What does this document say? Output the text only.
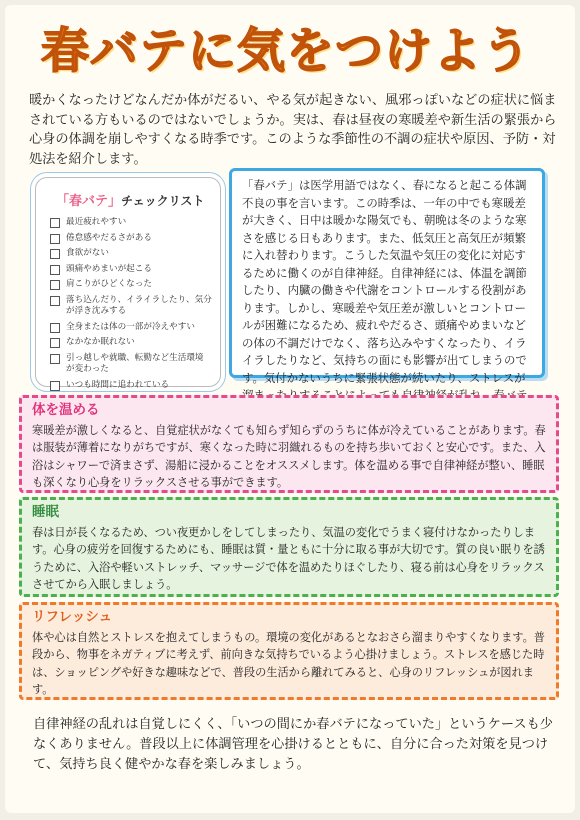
春バテに気をつけよう
暖かくなったけどなんだか体がだるい、やる気が起きない、風邪っぽいなどの症状に悩まされている方もいるのではないでしょうか。実は、春は昼夜の寒暖差や新生活の緊張から心身の体調を崩しやすくなる時季です。このような季節性の不調の症状や原因、予防・対処法を紹介します。
「春バテ」チェックリスト
最近疲れやすい
倦怠感やだるさがある
食欲がない
頭痛やめまいが起こる
肩こりがひどくなった
落ち込んだり、イライラしたり、気分が浮き沈みする
全身または体の一部が冷えやすい
なかなか眠れない
引っ越しや就職、転勤など生活環境が変わった
いつも時間に追われている
「春バテ」は医学用語ではなく、春になると起こる体調不良の事を言います。この時季は、一年の中でも寒暖差が大きく、日中は暖かな陽気でも、朝晩は冬のような寒さを感じる日もあります。また、低気圧と高気圧が頻繁に入れ替わります。こうした気温や気圧の変化に対応するために働くのが自律神経。自律神経には、体温を調節したり、内臓の働きや代謝をコントロールする役割があります。しかし、寒暖差や気圧差が激しいとコントロールが困難になるため、疲れやだるさ、頭痛やめまいなどの体の不調だけでなく、落ち込みやすくなったり、イライラしたりなど、気持ちの面にも影響が出てしまうのです。気付かないうちに緊張状態が続いたり、ストレスが
体を温める
寒暖差が激しくなると、自覚症状がなくても知らず知らずのうちに体が冷えていることがあります。春は服装が薄着になりがちですが、寒くなった時に羽織れるものを持ち歩いておくと安心です。また、入浴はシャワーで済まさず、湯船に浸かることをオススメします。体を温める事で自律神経が整い、睡眠も深くなり心身をリラックスさせる事ができます。
睡眠
春は日が長くなるため、つい夜更かしをしてしまったり、気温の変化でうまく寝付けなかったりします。心身の疲労を回復するためにも、睡眠は質・量ともに十分に取る事が大切です。質の良い眠りを誘うために、入浴や軽いストレッチ、マッサージで体を温めたりほぐしたり、寝る前は心身をリラックスさせてから入眠しましょう。
リフレッシュ
体や心は自然とストレスを抱えてしまうもの。環境の変化があるとなおさら溜まりやすくなります。普段から、物事をネガティブに考えず、前向きな気持ちでいるよう心掛けましょう。ストレスを感じた時は、ショッピングや好きな趣味などで、普段の生活から離れてみると、心身のリフレッシュが図れます。
自律神経の乱れは自覚しにくく、「いつの間にか春バテになっていた」というケースも少なくありません。普段以上に体調管理を心掛けるとともに、自分に合った対策を見つけて、気持ち良く健やかな春を楽しみましょう。
